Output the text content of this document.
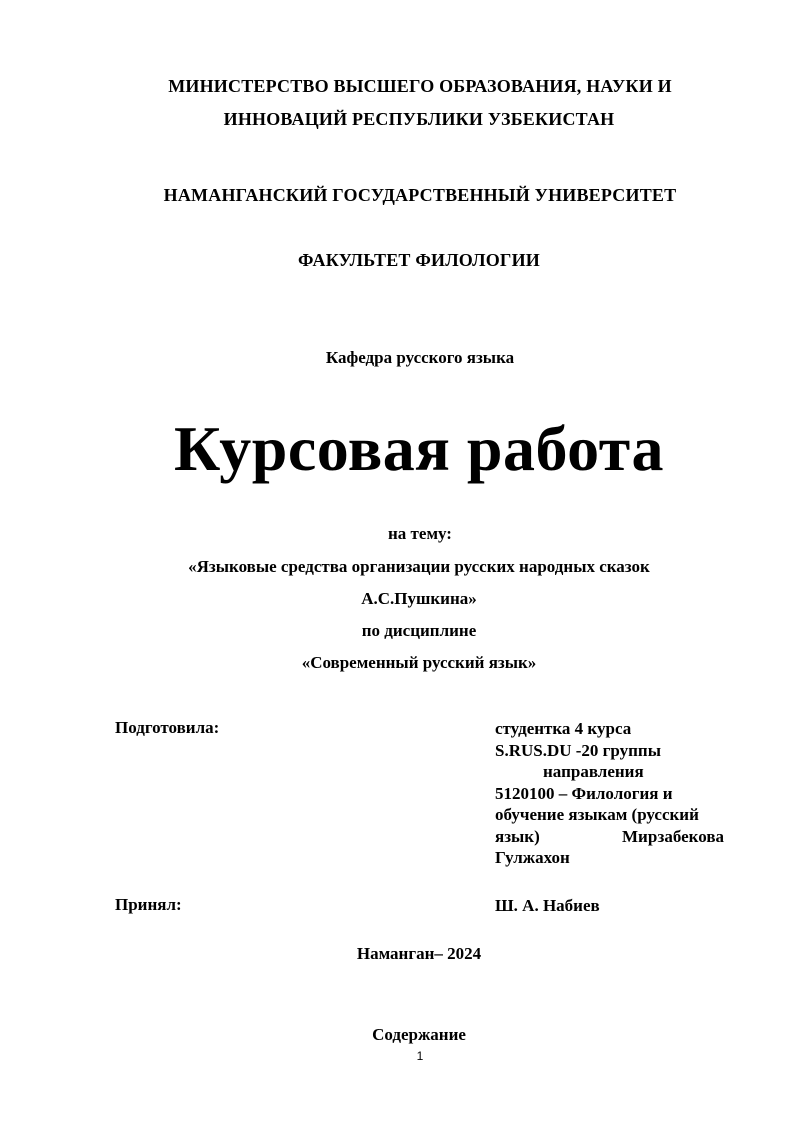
МИНИСТЕРСТВО ВЫСШЕГО ОБРАЗОВАНИЯ, НАУКИ И
ИННОВАЦИЙ РЕСПУБЛИКИ УЗБЕКИСТАН
НАМАНГАНСКИЙ ГОСУДАРСТВЕННЫЙ УНИВЕРСИТЕТ
ФАКУЛЬТЕТ ФИЛОЛОГИИ
Кафедра русского языка
Курсовая работа
на тему:
«Языковые средства организации русских народных сказок
А.С.Пушкина»
по дисциплине
«Современный русский язык»
Подготовила:	студентка 4 курса
S.RUS.DU -20 группы
направления
5120100 – Филология и
обучение языкам (русский
язык)	Мирзабекова
Гулжахон
Принял:	Ш. А. Набиев
Наманган– 2024
Содержание
1
